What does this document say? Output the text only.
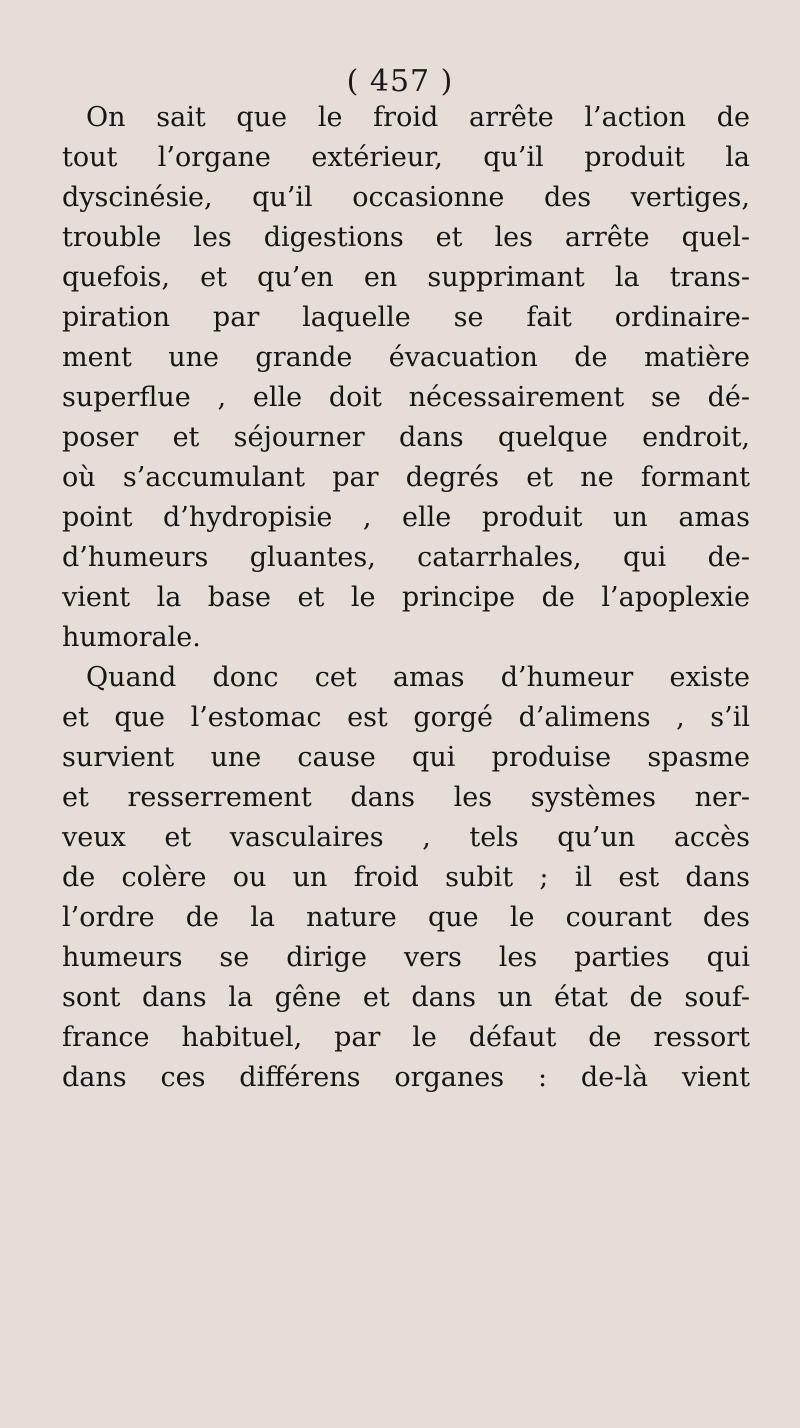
( 457 )
On sait que le froid arrête l’action de
tout l’organe extérieur, qu’il produit la
dyscinésie, qu’il occasionne des vertiges,
trouble les digestions et les arrête quel-
quefois, et qu’en en supprimant la trans-
piration par laquelle se fait ordinaire-
ment une grande évacuation de matière
superflue , elle doit nécessairement se dé-
poser et séjourner dans quelque endroit,
où s’accumulant par degrés et ne formant
point d’hydropisie , elle produit un amas
d’humeurs gluantes, catarrhales, qui de-
vient la base et le principe de l’apoplexie
humorale.
Quand donc cet amas d’humeur existe
et que l’estomac est gorgé d’alimens , s’il
survient une cause qui produise spasme
et resserrement dans les systèmes ner-
veux et vasculaires , tels qu’un accès
de colère ou un froid subit ; il est dans
l’ordre de la nature que le courant des
humeurs se dirige vers les parties qui
sont dans la gêne et dans un état de souf-
france habituel, par le défaut de ressort
dans ces différens organes : de-là vient
